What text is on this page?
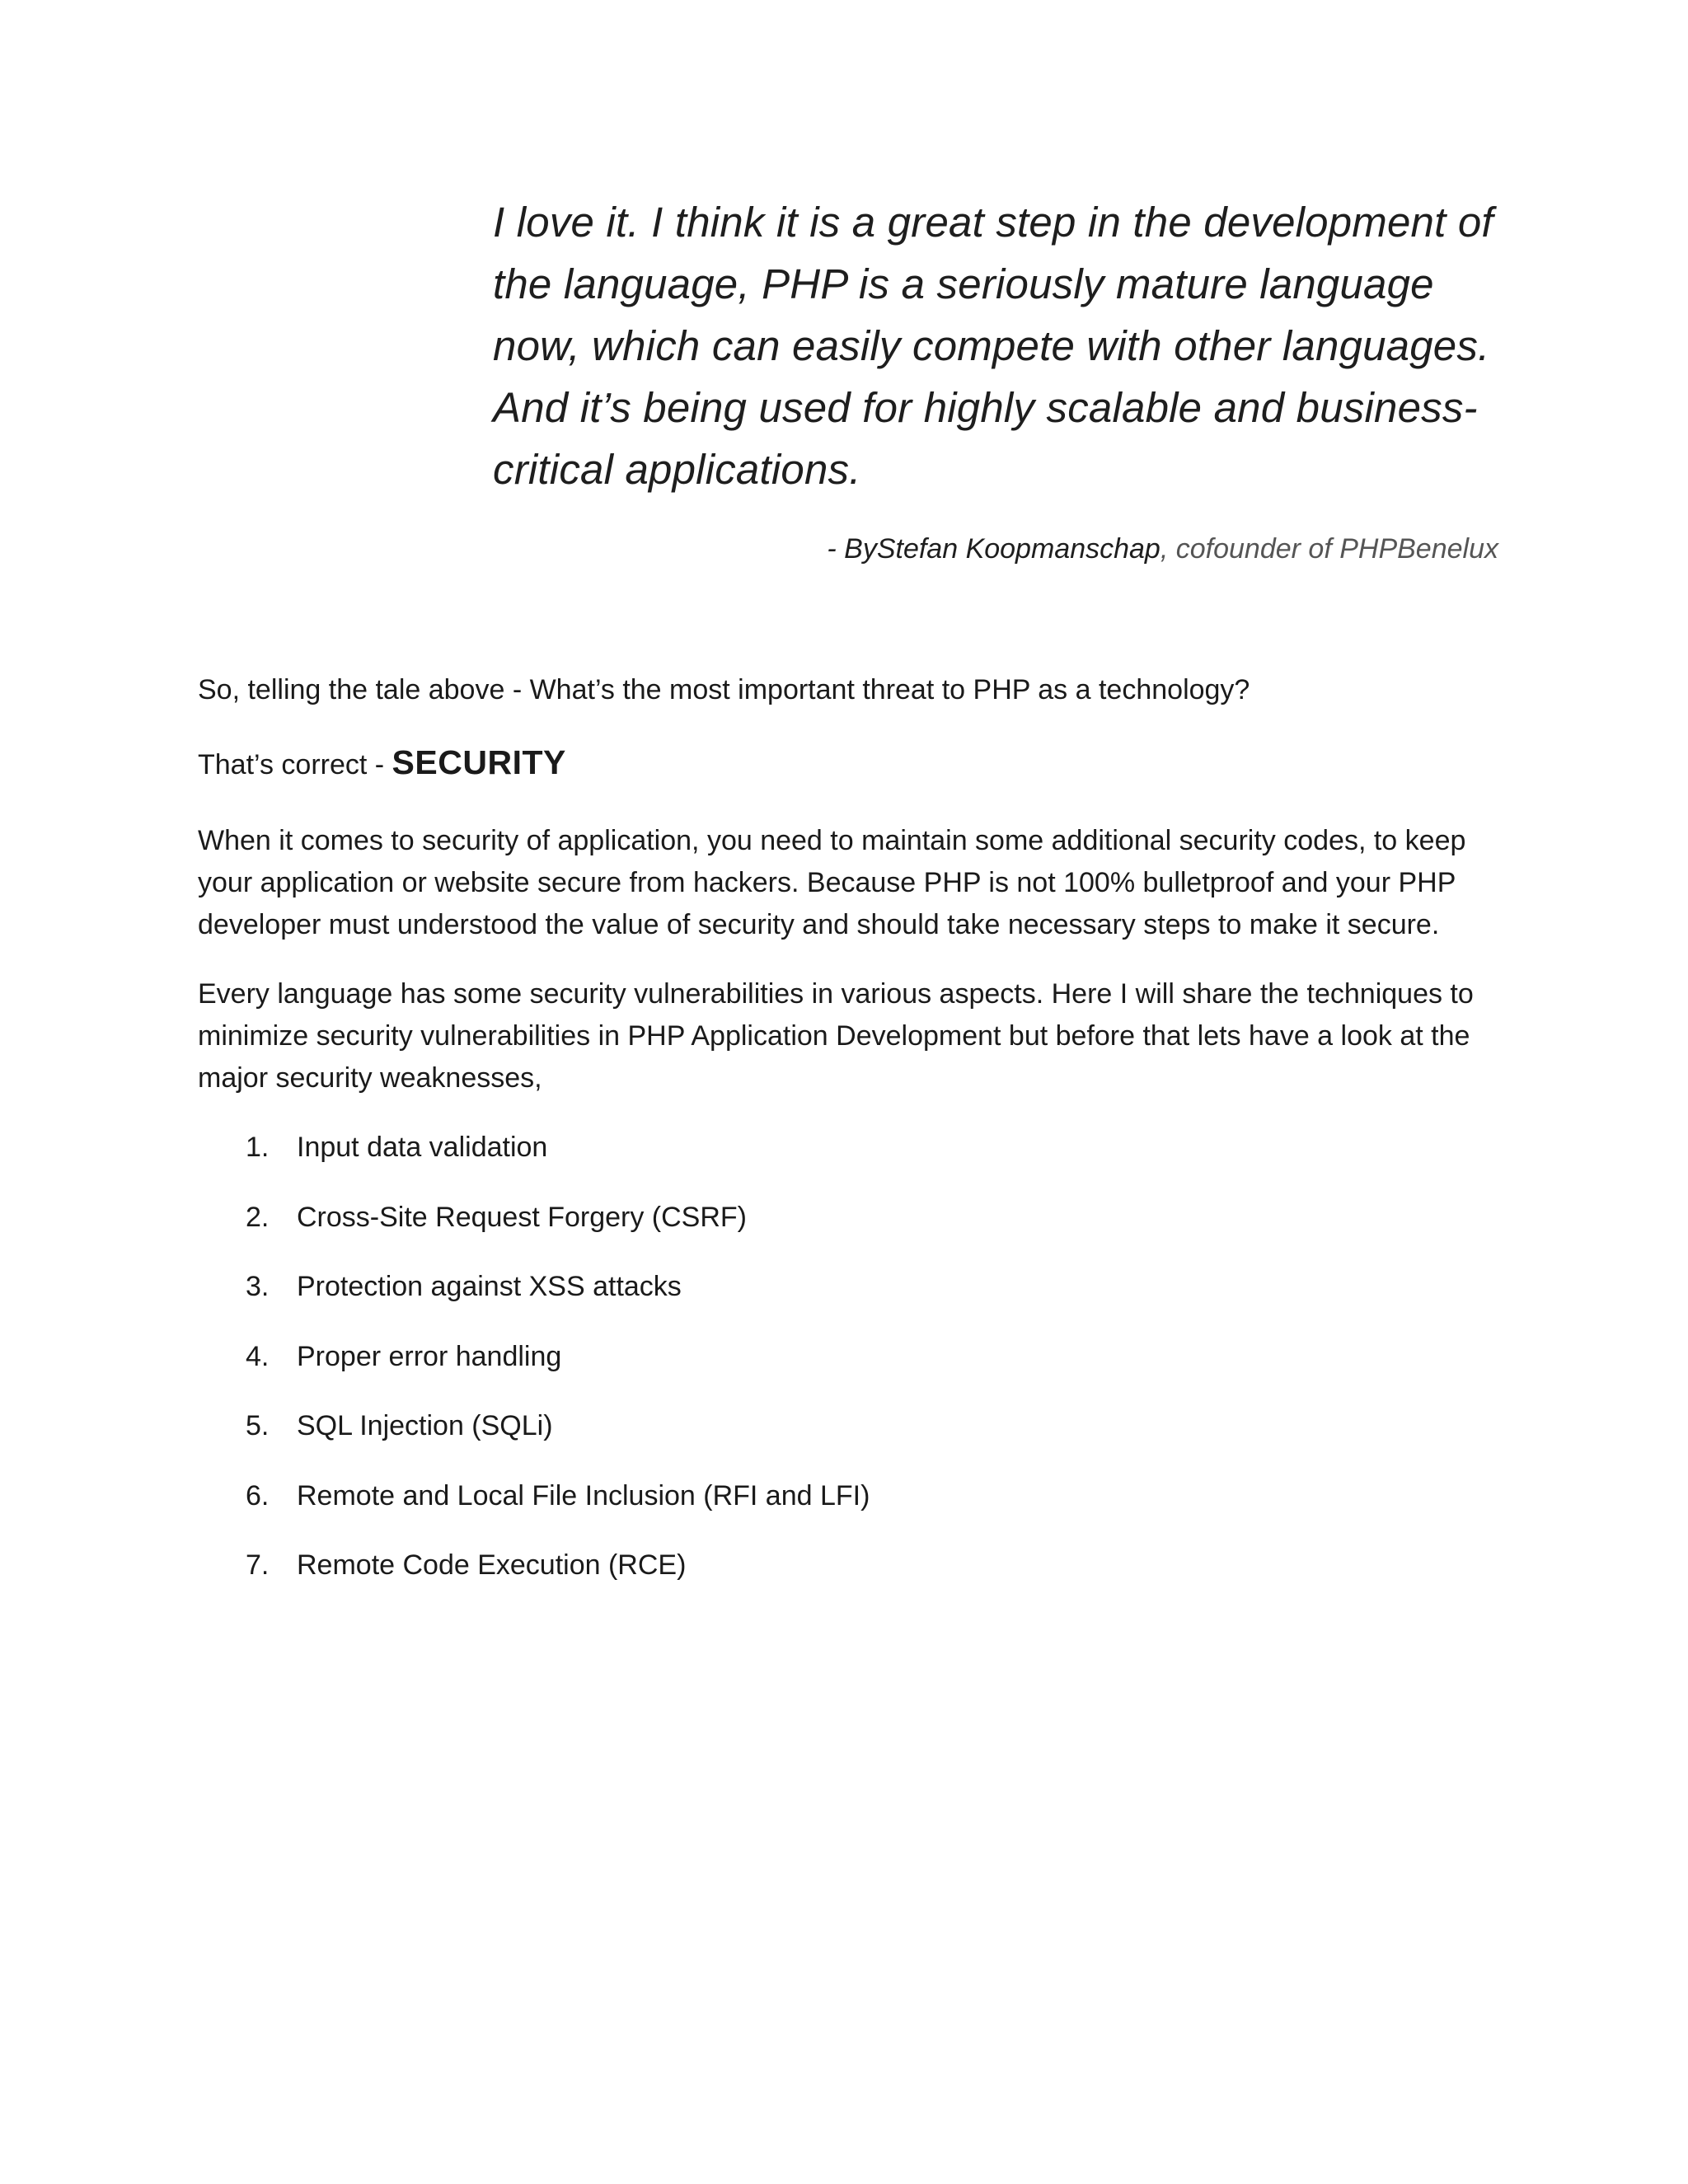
I love it. I think it is a great step in the development of the language, PHP is a seriously mature language now, which can easily compete with other languages. And it’s being used for highly scalable and business-critical applications.

- ByStefan Koopmanschap, cofounder of PHPBenelux

So, telling the tale above - What’s the most important threat to PHP as a technology?

That’s correct - SECURITY

When it comes to security of application, you need to maintain some additional security codes, to keep your application or website secure from hackers. Because PHP is not 100% bulletproof and your PHP developer must understood the value of security and should take necessary steps to make it secure.

Every language has some security vulnerabilities in various aspects. Here I will share the techniques to minimize security vulnerabilities in PHP Application Development but before that lets have a look at the major security weaknesses,

1. Input data validation
2. Cross-Site Request Forgery (CSRF)
3. Protection against XSS attacks
4. Proper error handling
5. SQL Injection (SQLi)
6. Remote and Local File Inclusion (RFI and LFI)
7. Remote Code Execution (RCE)
